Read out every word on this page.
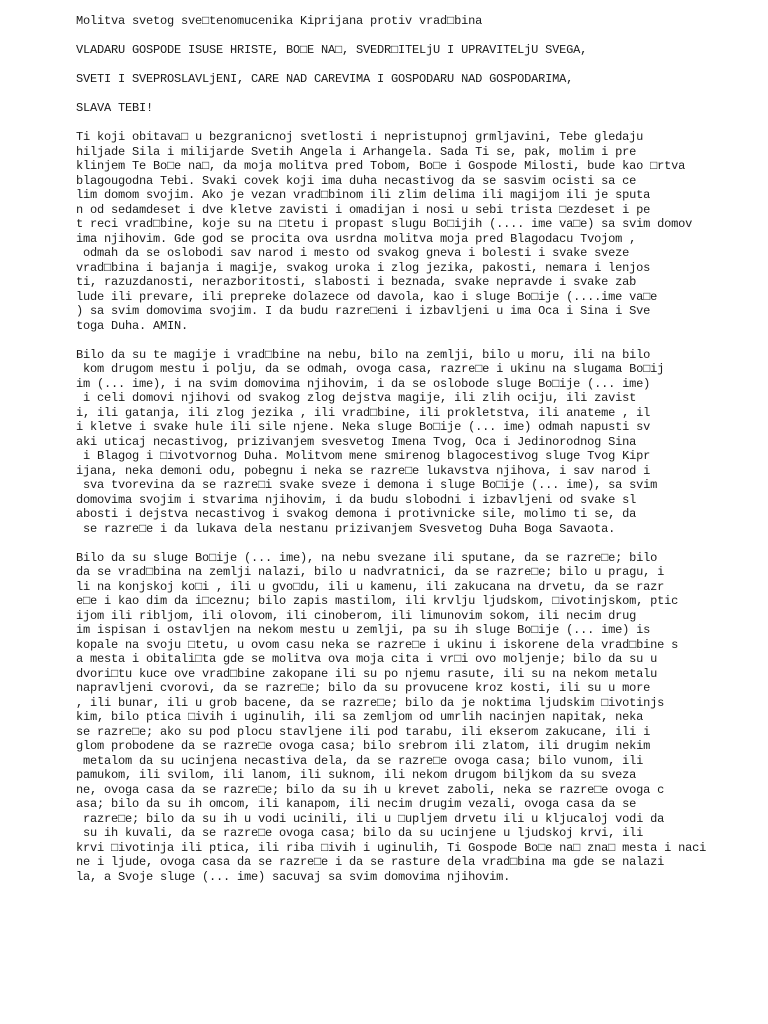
Molitva svetog sve□tenomucenika Kiprijana protiv vrad□bina
VLADARU GOSPODE ISUSE HRISTE, BO□E NA□, SVEDR□ITELjU I UPRAVITELjU SVEGA,
SVETI I SVEPROSLAVLjENI, CARE NAD CAREVIMA I GOSPODARU NAD GOSPODARIMA,
SLAVA TEBI!
Ti koji obitava□ u bezgranicnoj svetlosti i nepristupnoj grmljavini, Tebe gledaju
hiljade Sila i milijarde Svetih Angela i Arhangela. Sada Ti se, pak, molim i pre
klinjem Te Bo□e na□, da moja molitva pred Tobom, Bo□e i Gospode Milosti, bude kao □rtva
blagougodna Tebi. Svaki covek koji ima duha necastivog da se sasvim ocisti sa ce
lim domom svojim. Ako je vezan vrad□binom ili zlim delima ili magijom ili je sputa
n od sedamdeset i dve kletve zavisti i omadijan i nosi u sebi trista □ezdeset i pe
t reci vrad□bine, koje su na □tetu i propast slugu Bo□ijih (.... ime va□e) sa svim domov
ima njihovim. Gde god se procita ova usrdna molitva moja pred Blagodacu Tvojom ,
odmah da se oslobodi sav narod i mesto od svakog gneva i bolesti i svake sveze
vrad□bina i bajanja i magije, svakog uroka i zlog jezika, pakosti, nemara i lenjos
ti, razuzdanosti, nerazboritosti, slabosti i beznada, svake nepravde i svake zab
lude ili prevare, ili prepreke dolazece od davola, kao i sluge Bo□ije (....ime va□e
) sa svim domovima svojim. I da budu razre□eni i izbavljeni u ima Oca i Sina i Sve
toga Duha. AMIN.
Bilo da su te magije i vrad□bine na nebu, bilo na zemlji, bilo u moru, ili na bilo
kom drugom mestu i polju, da se odmah, ovoga casa, razre□e i ukinu na slugama Bo□ij
im (... ime), i na svim domovima njihovim, i da se oslobode sluge Bo□ije (... ime)
i celi domovi njihovi od svakog zlog dejstva magije, ili zlih ociju, ili zavist
i, ili gatanja, ili zlog jezika , ili vrad□bine, ili prokletstva, ili anateme , il
i kletve i svake hule ili sile njene. Neka sluge Bo□ije (... ime) odmah napusti sv
aki uticaj necastivog, prizivanjem svesvetog Imena Tvog, Oca i Jedinorodnog Sina
i Blagog i □ivotvornog Duha. Molitvom mene smirenog blagocestivog sluge Tvog Kipr
ijana, neka demoni odu, pobegnu i neka se razre□e lukavstva njihova, i sav narod i
sva tvorevina da se razre□i svake sveze i demona i sluge Bo□ije (... ime), sa svim
domovima svojim i stvarima njihovim, i da budu slobodni i izbavljeni od svake sl
abosti i dejstva necastivog i svakog demona i protivnicke sile, molimo ti se, da
se razre□e i da lukava dela nestanu prizivanjem Svesvetog Duha Boga Savaota.
Bilo da su sluge Bo□ije (... ime), na nebu svezane ili sputane, da se razre□e; bilo
da se vrad□bina na zemlji nalazi, bilo u nadvratnici, da se razre□e; bilo u pragu, i
li na konjskoj ko□i , ili u gvo□du, ili u kamenu, ili zakucana na drvetu, da se razr
e□e i kao dim da i□ceznu; bilo zapis mastilom, ili krvlju ljudskom, □ivotinjskom, ptic
ijom ili ribljom, ili olovom, ili cinoberom, ili limunovim sokom, ili necim drug
im ispisan i ostavljen na nekom mestu u zemlji, pa su ih sluge Bo□ije (... ime) is
kopale na svoju □tetu, u ovom casu neka se razre□e i ukinu i iskorene dela vrad□bine s
a mesta i obitali□ta gde se molitva ova moja cita i vr□i ovo moljenje; bilo da su u
dvori□tu kuce ove vrad□bine zakopane ili su po njemu rasute, ili su na nekom metalu
napravljeni cvorovi, da se razre□e; bilo da su provucene kroz kosti, ili su u more
, ili bunar, ili u grob bacene, da se razre□e; bilo da je noktima ljudskim □ivotinjs
kim, bilo ptica □ivih i uginulih, ili sa zemljom od umrlih nacinjen napitak, neka
se razre□e; ako su pod plocu stavljene ili pod tarabu, ili ekserom zakucane, ili i
glom probodene da se razre□e ovoga casa; bilo srebrom ili zlatom, ili drugim nekim
metalom da su ucinjena necastiva dela, da se razre□e ovoga casa; bilo vunom, ili
pamukom, ili svilom, ili lanom, ili suknom, ili nekom drugom biljkom da su sveza
ne, ovoga casa da se razre□e; bilo da su ih u krevet zaboli, neka se razre□e ovoga c
asa; bilo da su ih omcom, ili kanapom, ili necim drugim vezali, ovoga casa da se
razre□e; bilo da su ih u vodi ucinili, ili u □upljem drvetu ili u kljucaloj vodi da
su ih kuvali, da se razre□e ovoga casa; bilo da su ucinjene u ljudskoj krvi, ili
krvi □ivotinja ili ptica, ili riba □ivih i uginulih, Ti Gospode Bo□e na□ zna□ mesta i naci
ne i ljude, ovoga casa da se razre□e i da se rasture dela vrad□bina ma gde se nalazi
la, a Svoje sluge (... ime) sacuvaj sa svim domovima njihovim.
